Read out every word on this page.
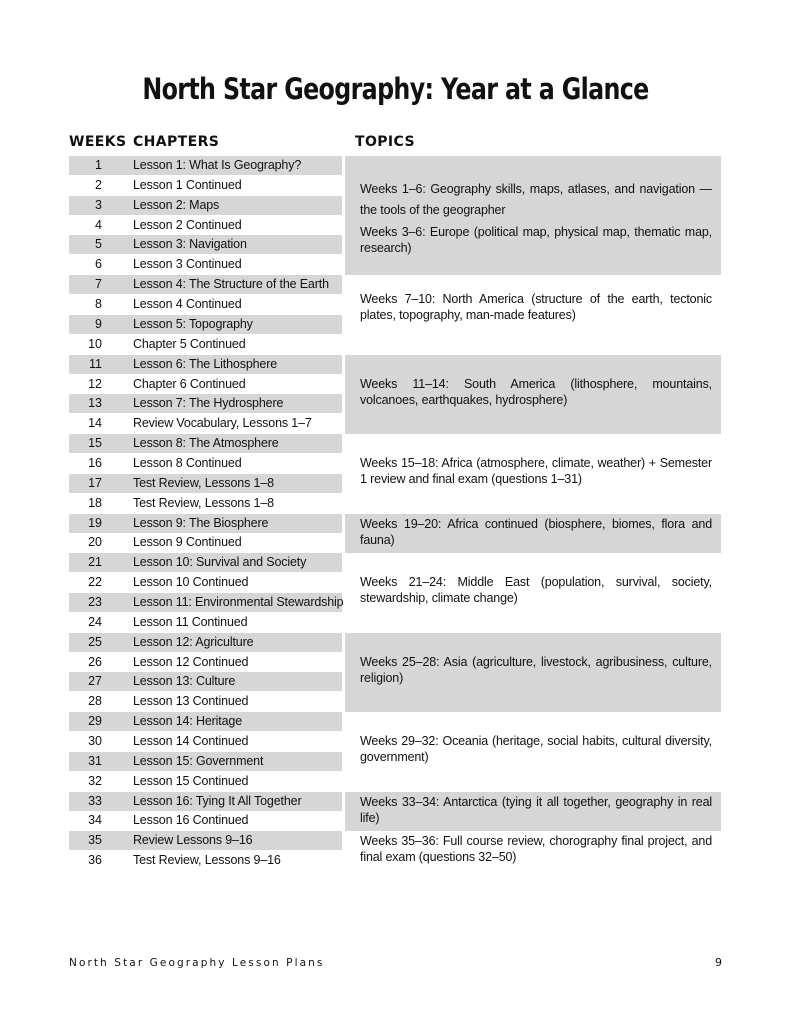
North Star Geography: Year at a Glance
WEEKS CHAPTERS	TOPICS
1 Lesson 1: What Is Geography?
2 Lesson 1 Continued
3 Lesson 2: Maps
4 Lesson 2 Continued
5 Lesson 3: Navigation
6 Lesson 3 Continued
7 Lesson 4: The Structure of the Earth
8 Lesson 4 Continued
9 Lesson 5: Topography
10 Chapter 5 Continued
11 Lesson 6: The Lithosphere
12 Chapter 6 Continued
13 Lesson 7: The Hydrosphere
14 Review Vocabulary, Lessons 1–7
15 Lesson 8: The Atmosphere
16 Lesson 8 Continued
17 Test Review, Lessons 1–8
18 Test Review, Lessons 1–8
19 Lesson 9: The Biosphere
20 Lesson 9 Continued
21 Lesson 10: Survival and Society
22 Lesson 10 Continued
23 Lesson 11: Environmental Stewardship
24 Lesson 11 Continued
25 Lesson 12: Agriculture
26 Lesson 12 Continued
27 Lesson 13: Culture
28 Lesson 13 Continued
29 Lesson 14: Heritage
30 Lesson 14 Continued
31 Lesson 15: Government
32 Lesson 15 Continued
33 Lesson 16: Tying It All Together
34 Lesson 16 Continued
35 Review Lessons 9–16
36 Test Review, Lessons 9–16
Weeks 1–6: Geography skills, maps, atlases, and navigation — the tools of the geographer
Weeks 3–6: Europe (political map, physical map, thematic map, research)
Weeks 7–10: North America (structure of the earth, tectonic plates, topography, man-made features)
Weeks 11–14: South America (lithosphere, mountains, volcanoes, earthquakes, hydrosphere)
Weeks 15–18: Africa (atmosphere, climate, weather) + Semester 1 review and final exam (questions 1–31)
Weeks 19–20: Africa continued (biosphere, biomes, flora and fauna)
Weeks 21–24: Middle East (population, survival, society, stewardship, climate change)
Weeks 25–28: Asia (agriculture, livestock, agribusiness, culture, religion)
Weeks 29–32: Oceania (heritage, social habits, cultural diversity, government)
Weeks 33–34: Antarctica (tying it all together, geography in real life)
Weeks 35–36: Full course review, chorography final project, and final exam (questions 32–50)
North Star Geography Lesson Plans	9
